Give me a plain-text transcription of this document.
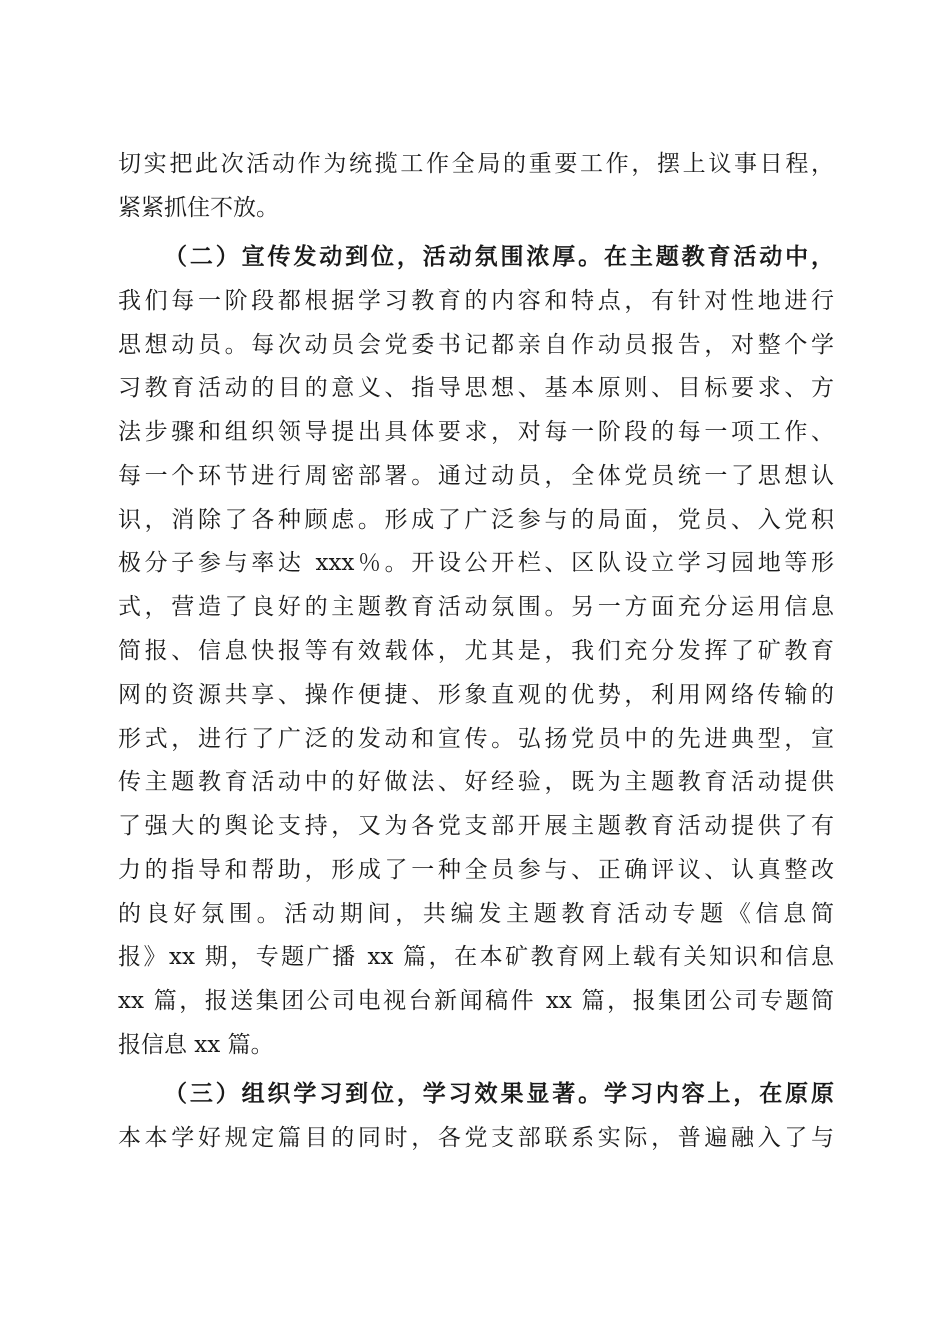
切实把此次活动作为统揽工作全局的重要工作，摆上议事日程，
紧紧抓住不放。
（二）宣传发动到位，活动氛围浓厚。在主题教育活动中，
我们每一阶段都根据学习教育的内容和特点，有针对性地进行
思想动员。每次动员会党委书记都亲自作动员报告，对整个学
习教育活动的目的意义、指导思想、基本原则、目标要求、方
法步骤和组织领导提出具体要求，对每一阶段的每一项工作、
每一个环节进行周密部署。通过动员，全体党员统一了思想认
识，消除了各种顾虑。形成了广泛参与的局面，党员、入党积
极分子参与率达 xxx％。开设公开栏、区队设立学习园地等形
式，营造了良好的主题教育活动氛围。另一方面充分运用信息
简报、信息快报等有效载体，尤其是，我们充分发挥了矿教育
网的资源共享、操作便捷、形象直观的优势，利用网络传输的
形式，进行了广泛的发动和宣传。弘扬党员中的先进典型，宣
传主题教育活动中的好做法、好经验，既为主题教育活动提供
了强大的舆论支持，又为各党支部开展主题教育活动提供了有
力的指导和帮助，形成了一种全员参与、正确评议、认真整改
的良好氛围。活动期间，共编发主题教育活动专题《信息简
报》xx 期，专题广播 xx 篇，在本矿教育网上载有关知识和信息
xx 篇，报送集团公司电视台新闻稿件 xx 篇，报集团公司专题简
报信息 xx 篇。
（三）组织学习到位，学习效果显著。学习内容上，在原原
本本学好规定篇目的同时，各党支部联系实际，普遍融入了与
